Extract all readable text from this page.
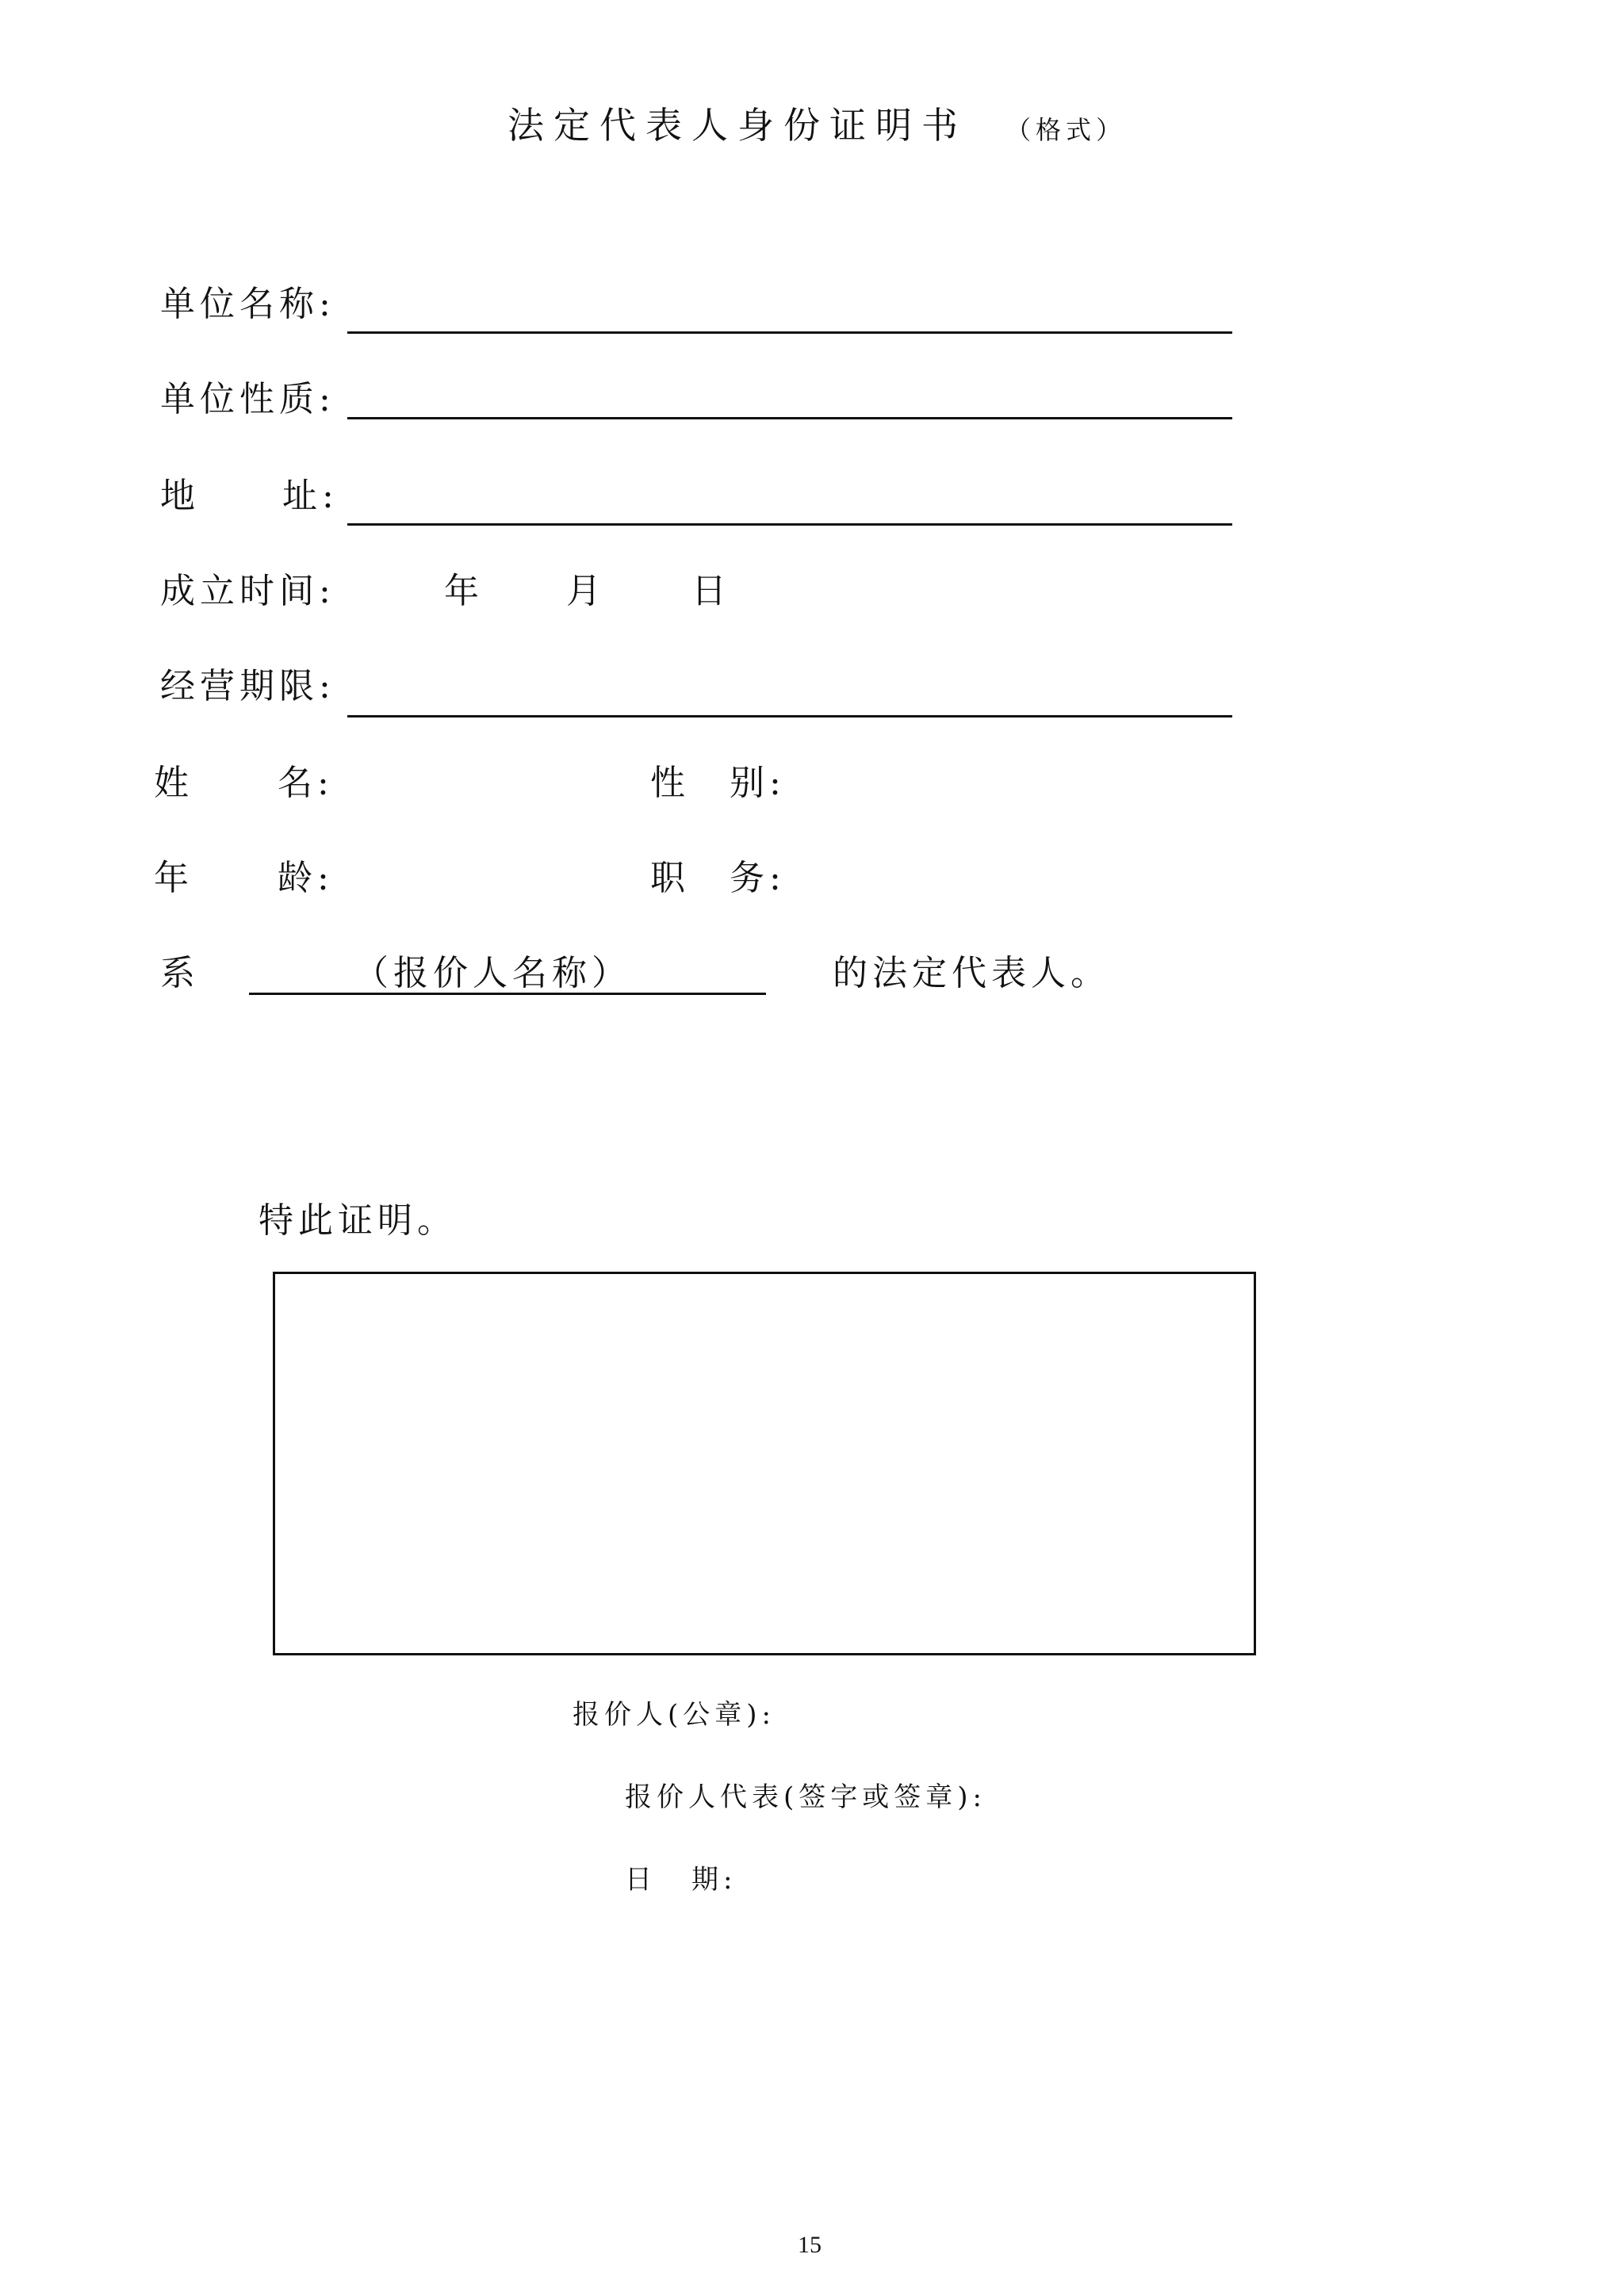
法定代表人身份证明书 （格式）
单位名称:
单位性质:
地 址:
成立时间:	年 月 日
经营期限:
姓 名:	性 别:
年 龄:	职 务:
系	（报价人名称）	的法定代表人。
特此证明。
报价人(公章):
报价人代表(签字或签章):
日 期:
15
